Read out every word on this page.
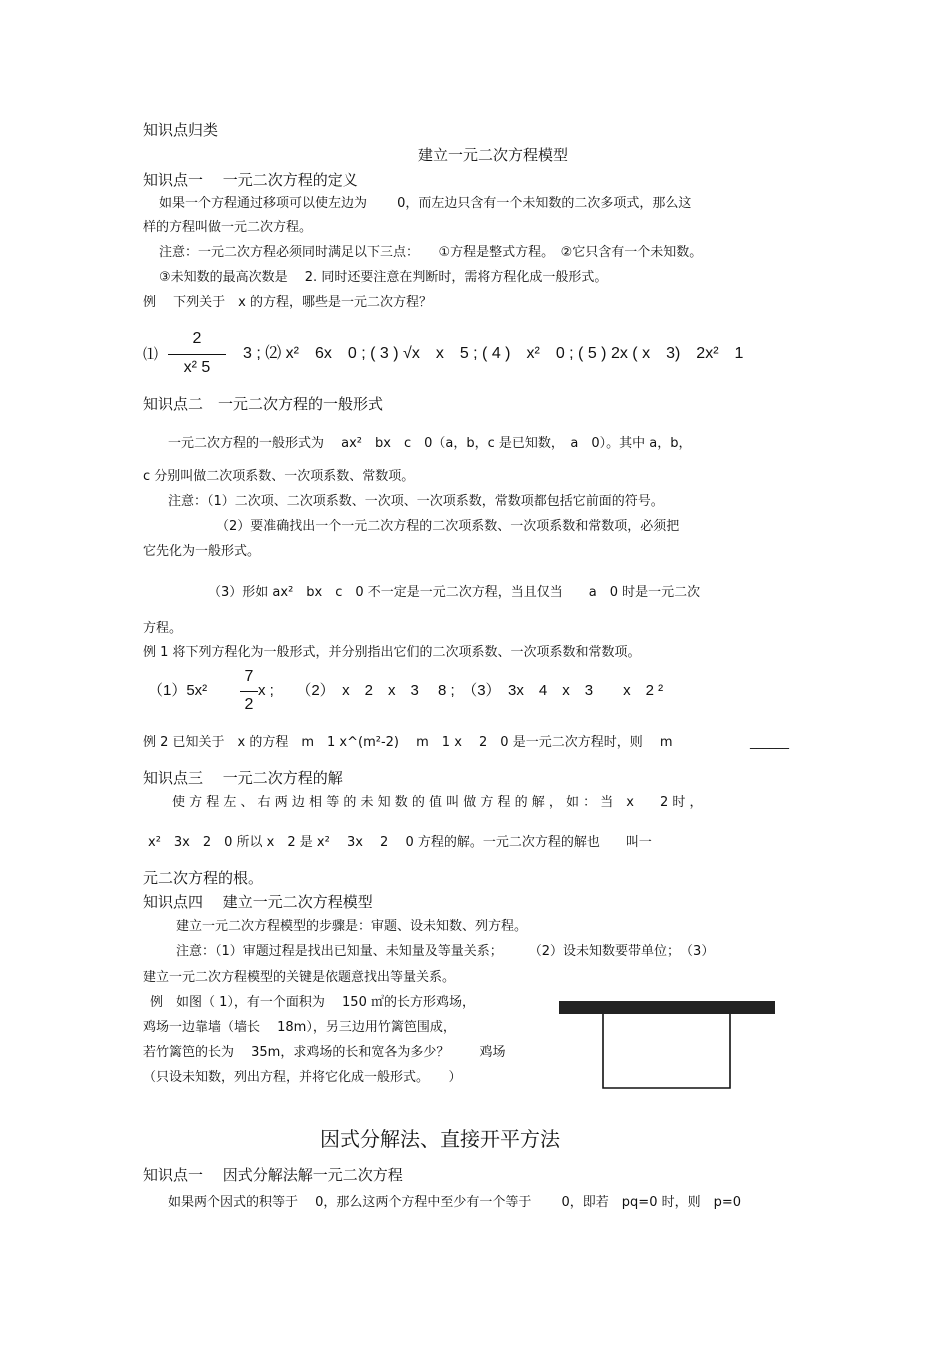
知识点归类
建立一元二次方程模型
知识点一　 一元二次方程的定义
如果一个方程通过移项可以使左边为　　 0，而左边只含有一个未知数的二次多项式，那么这
样的方程叫做一元二次方程。
注意：一元二次方程必须同时满足以下三点：　　①方程是整式方程。　②它只含有一个未知数。
③未知数的最高次数是　 2. 同时还要注意在判断时，需将方程化成一般形式。
例　 下列关于　x 的方程，哪些是一元二次方程？
⑴
2
x² 5
3 ; ⑵ x²　6x　0 ; ( 3 ) √x　x　5 ; ( 4 )　x²　0 ; ( 5 ) 2x ( x　3)　2x²　1
知识点二　一元二次方程的一般形式
一元二次方程的一般形式为　 ax²　bx　c　0（a，b，c 是已知数，　a　0）。其中 a，b，
c 分别叫做二次项系数、一次项系数、常数项。
注意：（1）二次项、二次项系数、一次项、一次项系数，常数项都包括它前面的符号。
（2）要准确找出一个一元二次方程的二次项系数、一次项系数和常数项，必须把
它先化为一般形式。
（3）形如 ax²　bx　c　0 不一定是一元二次方程，当且仅当　　a　0 时是一元二次
方程。
例 1 将下列方程化为一般形式，并分别指出它们的二次项系数、一次项系数和常数项。
（1）5x²
7
2
x ;　　（2）　x　2　x　3　 8 ;　（3）　3x　4　x　3　　x　2 ²
例 2 已知关于　x 的方程　m　1 x^(m²-2)　 m　1 x　 2　0 是一元二次方程时，则　 m	______
知识点三　 一元二次方程的解
使 方 程 左 、 右 两 边 相 等 的 未 知 数 的 值 叫 做 方 程 的 解 ， 如 ： 当　x　　2 时 ，
x²　3x　2　0 所以 x　2 是 x²　 3x　 2　 0 方程的解。一元二次方程的解也　　叫一
元二次方程的根。
知识点四　 建立一元二次方程模型
建立一元二次方程模型的步骤是：审题、设未知数、列方程。
注意：（1）审题过程是找出已知量、未知量及等量关系；　　　（2）设未知数要带单位；　（3）
建立一元二次方程模型的关键是依题意找出等量关系。
例　如图（ 1），有一个面积为　 150 ㎡的长方形鸡场，
鸡场一边靠墙（墙长　 18m），另三边用竹篱笆围成，
若竹篱笆的长为　 35m，求鸡场的长和宽各为多少？　　 鸡场
（只设未知数，列出方程，并将它化成一般形式。　　）
因式分解法、直接开平方法
知识点一　 因式分解法解一元二次方程
如果两个因式的积等于　 0，那么这两个方程中至少有一个等于　　 0，即若　pq=0 时，则　p=0
